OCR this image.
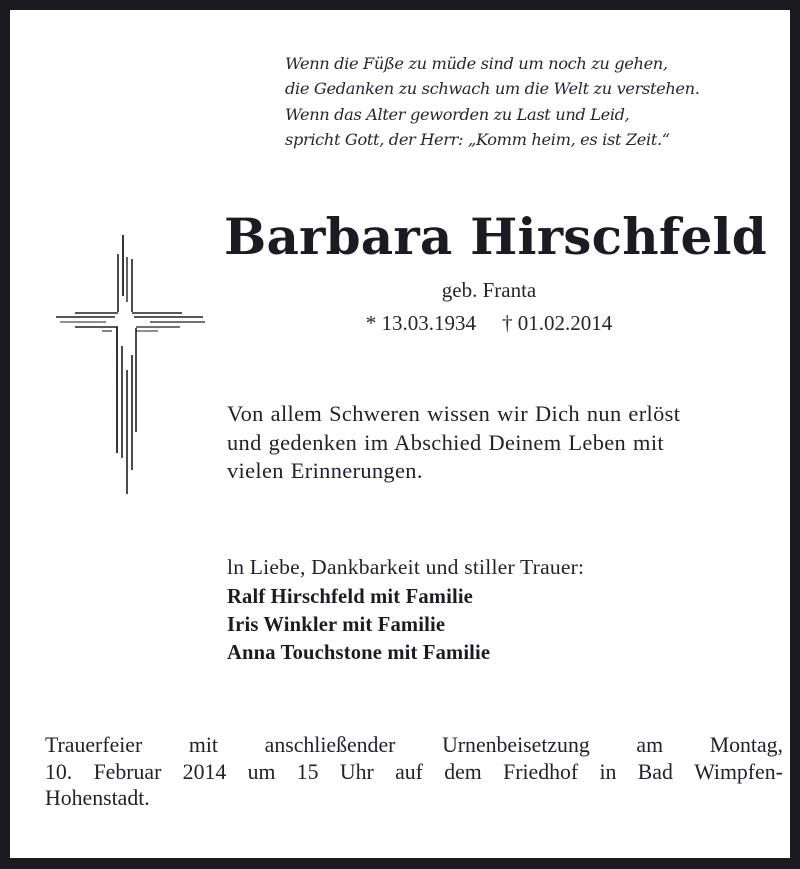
Wenn die Füße zu müde sind um noch zu gehen,
die Gedanken zu schwach um die Welt zu verstehen.
Wenn das Alter geworden zu Last und Leid,
spricht Gott, der Herr: „Komm heim, es ist Zeit.“
Barbara Hirschfeld
geb. Franta
* 13.03.1934 † 01.02.2014
Von allem Schweren wissen wir Dich nun erlöst
und gedenken im Abschied Deinem Leben mit
vielen Erinnerungen.
ln Liebe, Dankbarkeit und stiller Trauer:
Ralf Hirschfeld mit Familie
Iris Winkler mit Familie
Anna Touchstone mit Familie
Trauerfeier mit anschließender Urnenbeisetzung am Montag,
10. Februar 2014 um 15 Uhr auf dem Friedhof in Bad Wimpfen-
Hohenstadt.
